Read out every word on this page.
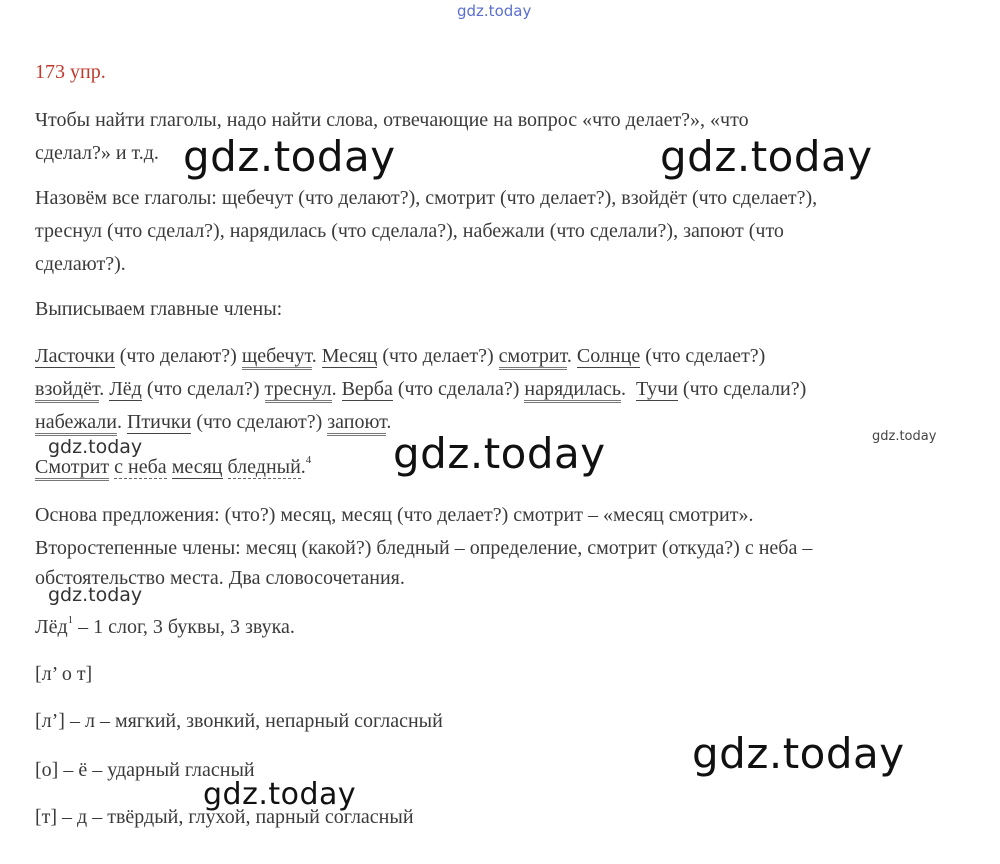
gdz.today
gdz.today	gdz.today
gdz.today
gdz.today
gdz.today	gdz.today
gdz.today
gdz.today
173 упр.
Чтобы найти глаголы, надо найти слова, отвечающие на вопрос «что делает?», «что
сделал?» и т.д.
Назовём все глаголы: щебечут (что делают?), смотрит (что делает?), взойдёт (что сделает?),
треснул (что сделал?), нарядилась (что сделала?), набежали (что сделали?), запоют (что
сделают?).
Выписываем главные члены:
Ласточки (что делают?) щебечут. Месяц (что делает?) смотрит. Солнце (что сделает?)
взойдёт. Лёд (что сделал?) треснул. Верба (что сделала?) нарядилась.  Тучи (что сделали?)
набежали. Птички (что сделают?) запоют.
Смотрит с неба месяц бледный.$^4$
Основа предложения: (что?) месяц, месяц (что делает?) смотрит – «месяц смотрит».
Второстепенные члены: месяц (какой?) бледный – определение, смотрит (откуда?) с неба –
обстоятельство места. Два словосочетания.
Лёд$^1$ – 1 слог, 3 буквы, 3 звука.
[л’ о т]
[л’] – л – мягкий, звонкий, непарный согласный
[о] – ё – ударный гласный
[т] – д – твёрдый, глухой, парный согласный
